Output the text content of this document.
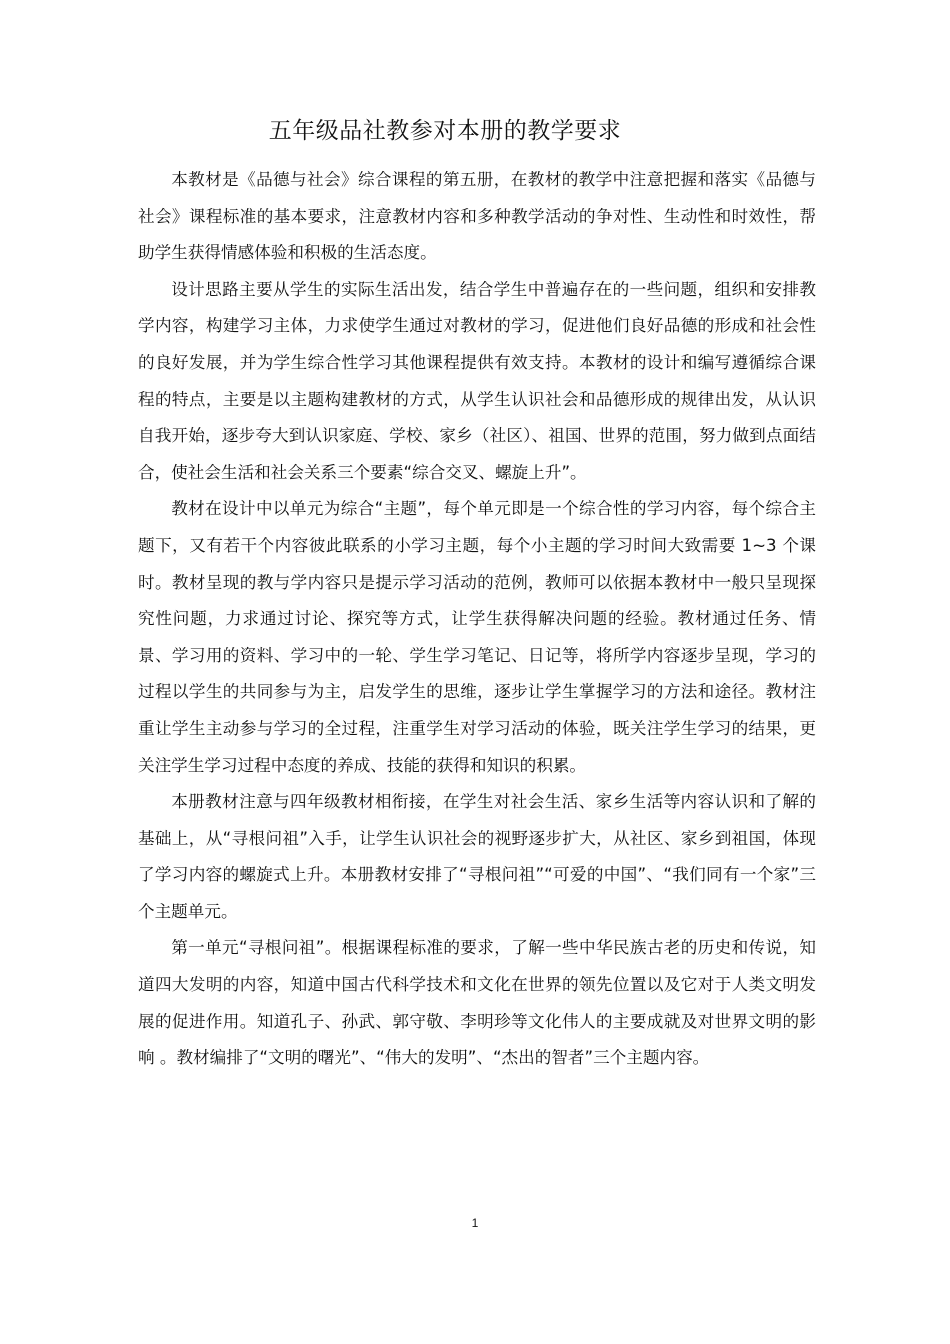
五年级品社教参对本册的教学要求

本教材是《品德与社会》综合课程的第五册，在教材的教学中注意把握和落实《品德与社会》课程标准的基本要求，注意教材内容和多种教学活动的争对性、生动性和时效性，帮助学生获得情感体验和积极的生活态度。

设计思路主要从学生的实际生活出发，结合学生中普遍存在的一些问题，组织和安排教学内容，构建学习主体，力求使学生通过对教材的学习，促进他们良好品德的形成和社会性的良好发展，并为学生综合性学习其他课程提供有效支持。本教材的设计和编写遵循综合课程的特点，主要是以主题构建教材的方式，从学生认识社会和品德形成的规律出发，从认识自我开始，逐步夸大到认识家庭、学校、家乡（社区）、祖国、世界的范围，努力做到点面结合，使社会生活和社会关系三个要素“综合交叉、螺旋上升”。

教材在设计中以单元为综合“主题”，每个单元即是一个综合性的学习内容，每个综合主题下，又有若干个内容彼此联系的小学习主题，每个小主题的学习时间大致需要 1~3 个课时。教材呈现的教与学内容只是提示学习活动的范例，教师可以依据本教材中一般只呈现探究性问题，力求通过讨论、探究等方式，让学生获得解决问题的经验。教材通过任务、情景、学习用的资料、学习中的一轮、学生学习笔记、日记等，将所学内容逐步呈现，学习的过程以学生的共同参与为主，启发学生的思维，逐步让学生掌握学习的方法和途径。教材注重让学生主动参与学习的全过程，注重学生对学习活动的体验，既关注学生学习的结果，更关注学生学习过程中态度的养成、技能的获得和知识的积累。

本册教材注意与四年级教材相衔接，在学生对社会生活、家乡生活等内容认识和了解的基础上，从“寻根问祖”入手，让学生认识社会的视野逐步扩大，从社区、家乡到祖国，体现了学习内容的螺旋式上升。本册教材安排了“寻根问祖”“可爱的中国”、“我们同有一个家”三个主题单元。

第一单元“寻根问祖”。根据课程标准的要求，了解一些中华民族古老的历史和传说，知道四大发明的内容，知道中国古代科学技术和文化在世界的领先位置以及它对于人类文明发展的促进作用。知道孔子、孙武、郭守敬、李明珍等文化伟人的主要成就及对世界文明的影响 。教材编排了“文明的曙光”、“伟大的发明”、“杰出的智者”三个主题内容。

1
